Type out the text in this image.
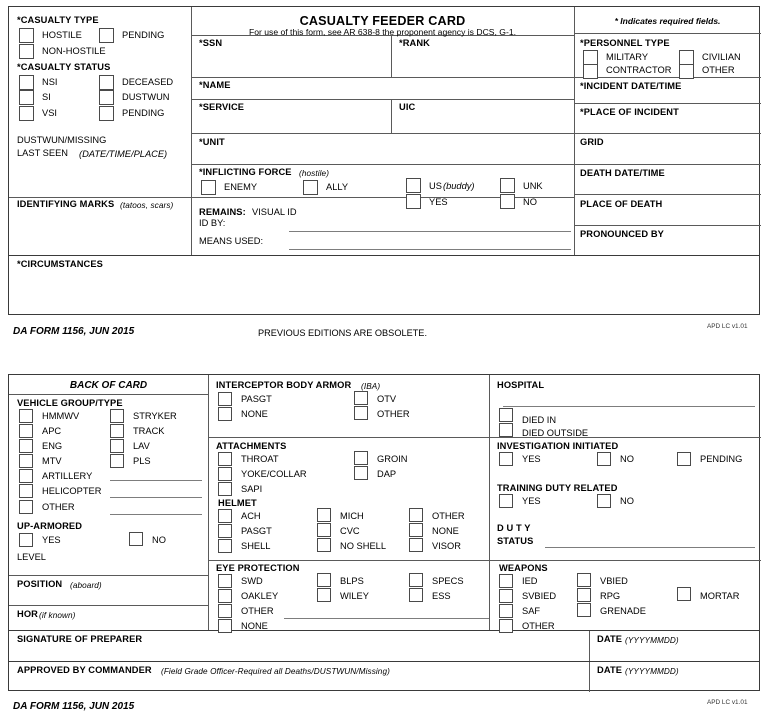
*CASUALTY TYPE
HOSTILE	PENDING
NON-HOSTILE
*CASUALTY STATUS
NSI
SI
VSI
DECEASED
DUSTWUN
PENDING
DUSTWUN/MISSING
LAST SEEN (DATE/TIME/PLACE)
IDENTIFYING MARKS (tatoos, scars)
CASUALTY FEEDER CARD
For use of this form, see AR 638-8 the proponent agency is DCS, G-1.
*SSN	*RANK
*NAME
*SERVICE	UIC
*UNIT
*INFLICTING FORCE (hostile)
ENEMY	ALLY	US (buddy)	UNK
YES	NO
REMAINS: VISUAL ID
ID BY:
MEANS USED:
* Indicates required fields.
*PERSONNEL TYPE
MILITARY	CIVILIAN
CONTRACTOR	OTHER
*INCIDENT DATE/TIME
*PLACE OF INCIDENT
GRID
DEATH DATE/TIME
PLACE OF DEATH
PRONOUNCED BY
*CIRCUMSTANCES
DA FORM 1156, JUN 2015	PREVIOUS EDITIONS ARE OBSOLETE.
APD LC v1.01
BACK OF CARD
VEHICLE GROUP/TYPE
HMMWV
APC
ENG
MTV
ARTILLERY
HELICOPTER
OTHER
STRYKER
TRACK
LAV
PLS
UP-ARMORED
YES	NO
LEVEL
POSITION (aboard)
HOR (if known)
INTERCEPTOR BODY ARMOR (IBA)
PASGT
NONE
OTV
OTHER
ATTACHMENTS
THROAT
YOKE/COLLAR
SAPI
GROIN
DAP
HELMET
ACH
PASGT
SHELL
MICH
CVC
NO SHELL
OTHER
NONE
VISOR
EYE PROTECTION
SWD
OAKLEY
OTHER
NONE
BLPS
WILEY
SPECS
ESS
HOSPITAL
DIED IN
DIED OUTSIDE
INVESTIGATION INITIATED
YES	NO	PENDING
TRAINING DUTY RELATED
YES	NO
D U T Y
STATUS
WEAPONS
IED
SVBIED
SAF
OTHER
VBIED
RPG
GRENADE
MORTAR
SIGNATURE OF PREPARER	DATE (YYYYMMDD)
APPROVED BY COMMANDER (Field Grade Officer-Required all Deaths/DUSTWUN/Missing)	DATE (YYYYMMDD)
DA FORM 1156, JUN 2015	APD LC v1.01
